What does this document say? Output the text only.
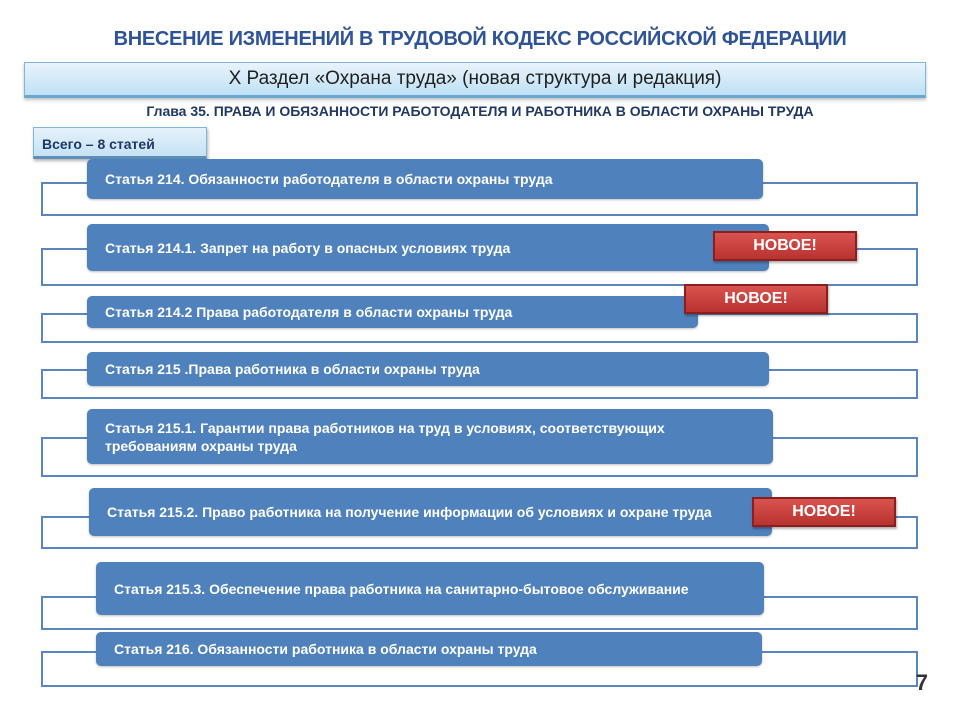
ВНЕСЕНИЕ ИЗМЕНЕНИЙ В ТРУДОВОЙ КОДЕКС РОССИЙСКОЙ ФЕДЕРАЦИИ
X Раздел «Охрана труда» (новая структура и редакция)
Глава 35. ПРАВА И ОБЯЗАННОСТИ РАБОТОДАТЕЛЯ И РАБОТНИКА В ОБЛАСТИ ОХРАНЫ ТРУДА
Всего – 8 статей
Статья 214. Обязанности работодателя в области охраны труда
Статья 214.1. Запрет на работу в опасных условиях труда	НОВОЕ!
Статья 214.2 Права работодателя в области охраны труда
НОВОЕ!
Статья 215 .Права работника в области охраны труда
Статья 215.1. Гарантии права работников на труд в условиях, соответствующих требованиям охраны труда
Статья 215.2. Право работника на получение информации об условиях и охране труда	НОВОЕ!
Статья 215.3. Обеспечение права работника на санитарно-бытовое обслуживание
Статья 216. Обязанности работника в области охраны труда
7
